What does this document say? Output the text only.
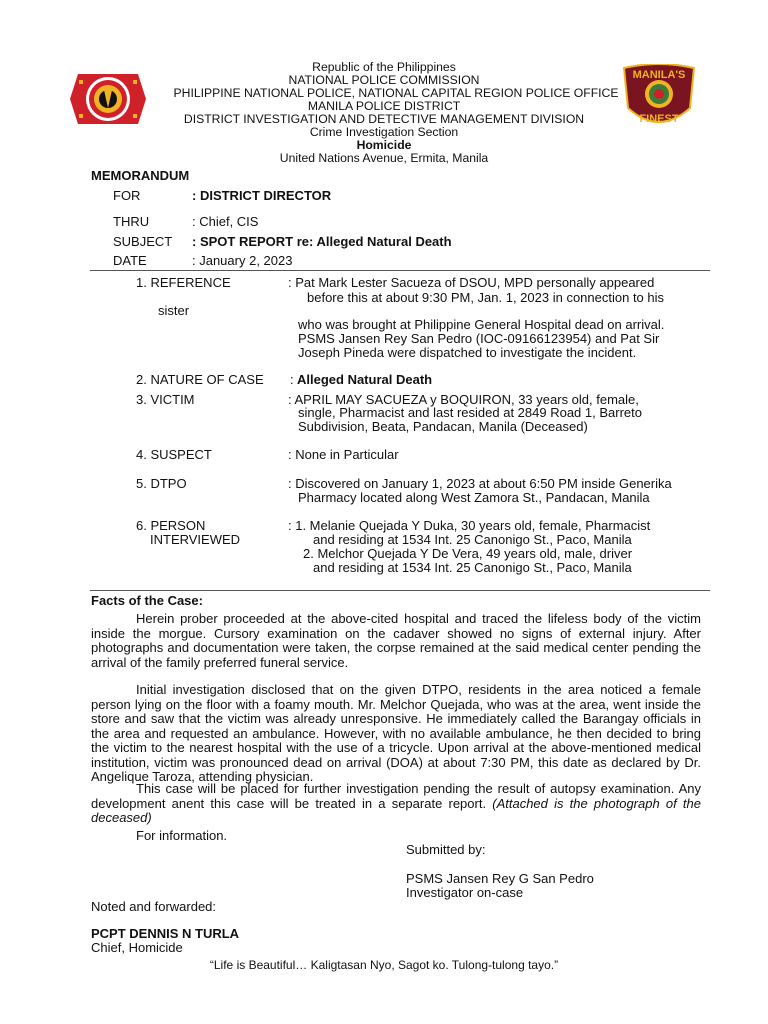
MANILA'S
FINEST
Republic of the Philippines
NATIONAL POLICE COMMISSION
PHILIPPINE NATIONAL POLICE, NATIONAL CAPITAL REGION POLICE OFFICE
MANILA POLICE DISTRICT
DISTRICT INVESTIGATION AND DETECTIVE MANAGEMENT DIVISION
Crime Investigation Section
Homicide
United Nations Avenue, Ermita, Manila
MEMORANDUM
FOR	: DISTRICT DIRECTOR
THRU	: Chief, CIS
SUBJECT : SPOT REPORT re: Alleged Natural Death
DATE	: January 2, 2023
1. REFERENCE	: Pat Mark Lester Sacueza of DSOU, MPD personally appeared
before this at about 9:30 PM, Jan. 1, 2023 in connection to his
sister
who was brought at Philippine General Hospital dead on arrival.
PSMS Jansen Rey San Pedro (IOC-09166123954) and Pat Sir
Joseph Pineda were dispatched to investigate the incident.
2. NATURE OF CASE : Alleged Natural Death
3. VICTIM	: APRIL MAY SACUEZA y BOQUIRON, 33 years old, female,
single, Pharmacist and last resided at 2849 Road 1, Barreto
Subdivision, Beata, Pandacan, Manila (Deceased)
4. SUSPECT	: None in Particular
5. DTPO	: Discovered on January 1, 2023 at about 6:50 PM inside Generika
Pharmacy located along West Zamora St., Pandacan, Manila
6. PERSON
INTERVIEWED
: 1. Melanie Quejada Y Duka, 30 years old, female, Pharmacist
and residing at 1534 Int. 25 Canonigo St., Paco, Manila
2. Melchor Quejada Y De Vera, 49 years old, male, driver
and residing at 1534 Int. 25 Canonigo St., Paco, Manila
Facts of the Case:
Herein prober proceeded at the above-cited hospital and traced the lifeless body of the victim inside the morgue. Cursory examination on the cadaver showed no signs of external injury. After photographs and documentation were taken, the corpse remained at the said medical center pending the arrival of the family preferred funeral service.
Initial investigation disclosed that on the given DTPO, residents in the area noticed a female person lying on the floor with a foamy mouth. Mr. Melchor Quejada, who was at the area, went inside the store and saw that the victim was already unresponsive. He immediately called the Barangay officials in the area and requested an ambulance. However, with no available ambulance, he then decided to bring the victim to the nearest hospital with the use of a tricycle. Upon arrival at the above-mentioned medical institution, victim was pronounced dead on arrival (DOA) at about 7:30 PM, this date as declared by Dr. Angelique Taroza, attending physician.
This case will be placed for further investigation pending the result of autopsy examination. Any development anent this case will be treated in a separate report. (Attached is the photograph of the deceased)
For information.
Submitted by:
PSMS Jansen Rey G San Pedro
Investigator on-case
Noted and forwarded:
PCPT DENNIS N TURLA
Chief, Homicide
“Life is Beautiful… Kaligtasan Nyo, Sagot ko. Tulong-tulong tayo.”
